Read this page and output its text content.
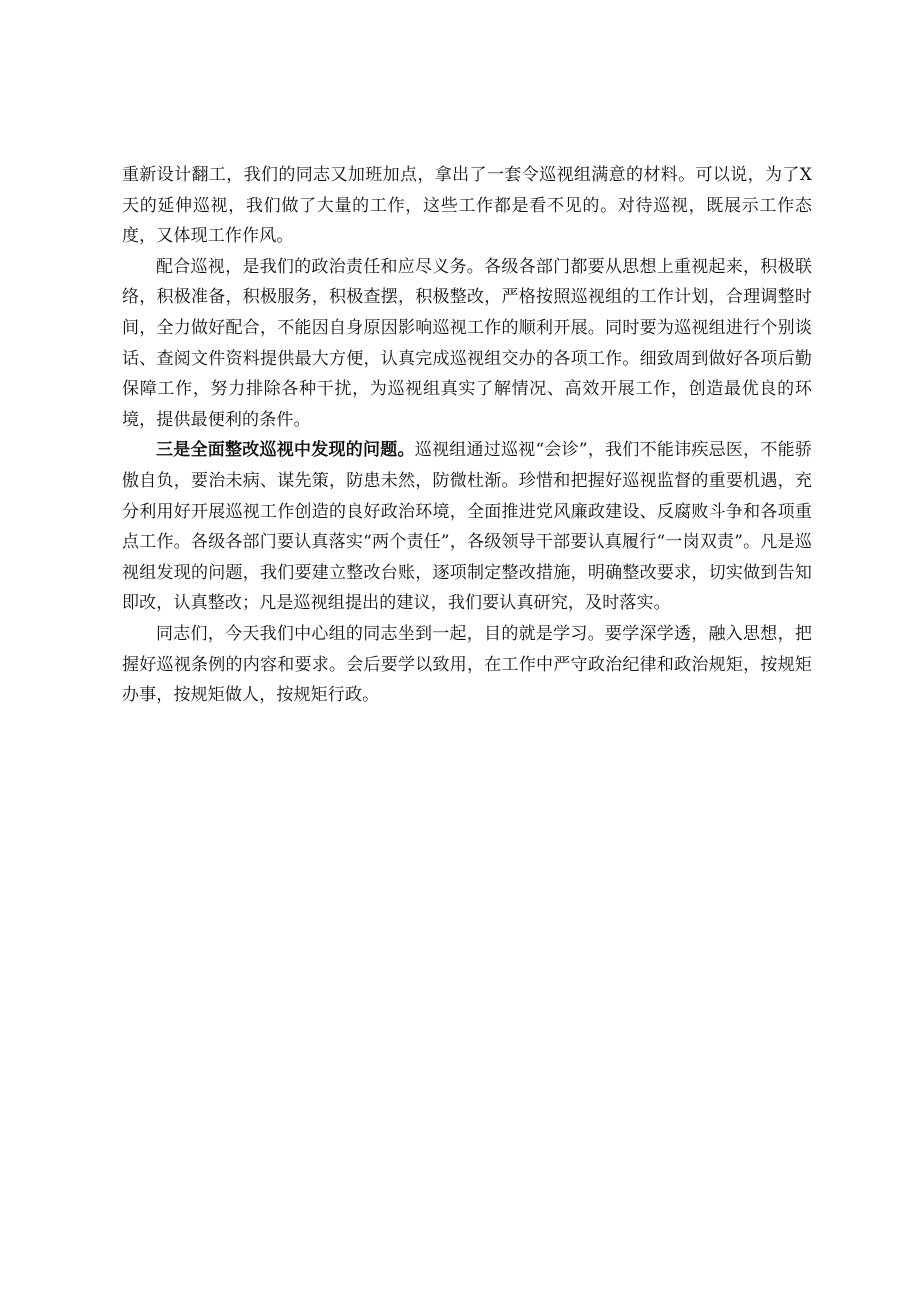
重新设计翻工，我们的同志又加班加点，拿出了一套令巡视组满意的材料。可以说，为了X天的延伸巡视，我们做了大量的工作，这些工作都是看不见的。对待巡视，既展示工作态度，又体现工作作风。

配合巡视，是我们的政治责任和应尽义务。各级各部门都要从思想上重视起来，积极联络，积极准备，积极服务，积极查摆，积极整改，严格按照巡视组的工作计划，合理调整时间，全力做好配合，不能因自身原因影响巡视工作的顺利开展。同时要为巡视组进行个别谈话、查阅文件资料提供最大方便，认真完成巡视组交办的各项工作。细致周到做好各项后勤保障工作，努力排除各种干扰，为巡视组真实了解情况、高效开展工作，创造最优良的环境，提供最便利的条件。

三是全面整改巡视中发现的问题。巡视组通过巡视“会诊”，我们不能讳疾忌医，不能骄傲自负，要治未病、谋先策，防患未然，防微杜渐。珍惜和把握好巡视监督的重要机遇，充分利用好开展巡视工作创造的良好政治环境，全面推进党风廉政建设、反腐败斗争和各项重点工作。各级各部门要认真落实“两个责任”，各级领导干部要认真履行“一岗双责”。凡是巡视组发现的问题，我们要建立整改台账，逐项制定整改措施，明确整改要求，切实做到告知即改，认真整改；凡是巡视组提出的建议，我们要认真研究，及时落实。

同志们，今天我们中心组的同志坐到一起，目的就是学习。要学深学透，融入思想，把握好巡视条例的内容和要求。会后要学以致用，在工作中严守政治纪律和政治规矩，按规矩办事，按规矩做人，按规矩行政。
